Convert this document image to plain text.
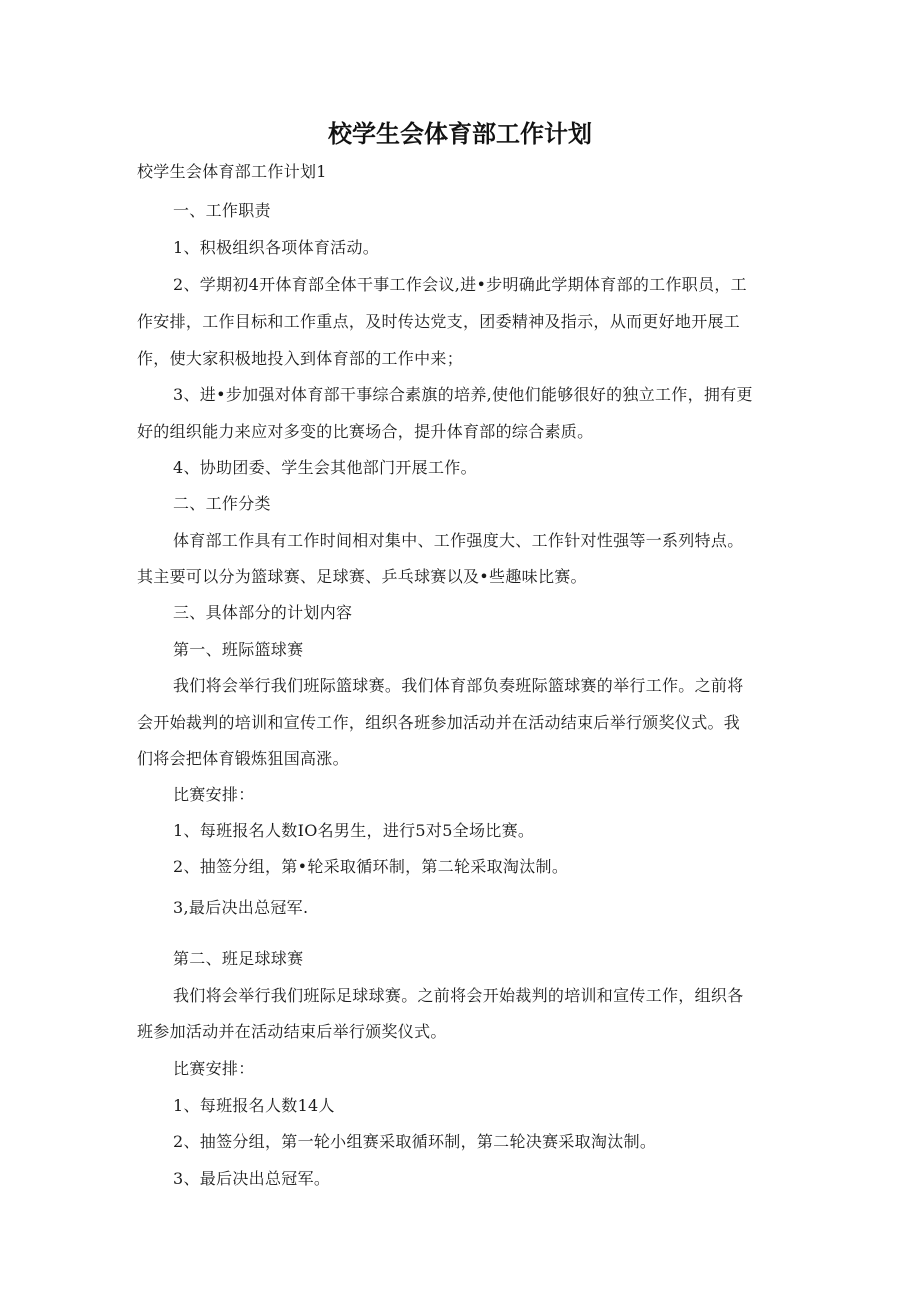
校学生会体育部工作计划
校学生会体育部工作计划1
一、工作职责
1、积极组织各项体育活动。
2、学期初4开体育部全体干事工作会议,进•步明确此学期体育部的工作职员，工
作安排，工作目标和工作重点，及时传达党支，团委精神及指示，从而更好地开展工
作，使大家积极地投入到体育部的工作中来；
3、进•步加强对体育部干事综合素旗的培养,使他们能够很好的独立工作，拥有更
好的组织能力来应对多变的比赛场合，提升体育部的综合素质。
4、协助团委、学生会其他部门开展工作。
二、工作分类
体育部工作具有工作时间相对集中、工作强度大、工作针对性强等一系列特点。
其主要可以分为篮球赛、足球赛、乒乓球赛以及•些趣味比赛。
三、具体部分的计划内容
第一、班际篮球赛
我们将会举行我们班际篮球赛。我们体育部负奏班际篮球赛的举行工作。之前将
会开始裁判的培训和宣传工作，组织各班参加活动并在活动结束后举行颁奖仪式。我
们将会把体育锻炼狙国高涨。
比赛安排：
1、每班报名人数IO名男生，进行5对5全场比赛。
2、抽签分组，第•轮采取循环制，第二轮采取淘汰制。
3,最后决出总冠军.
第二、班足球球赛
我们将会举行我们班际足球球赛。之前将会开始裁判的培训和宣传工作，组织各
班参加活动并在活动结束后举行颁奖仪式。
比赛安排：
1、每班报名人数14人
2、抽签分组，第一轮小组赛采取循环制，第二轮决赛采取淘汰制。
3、最后决出总冠军。
